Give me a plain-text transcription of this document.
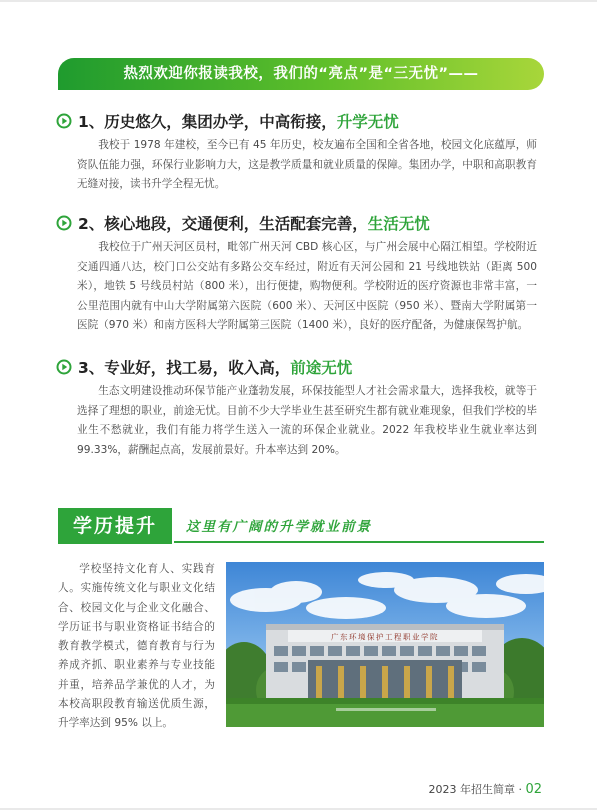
热烈欢迎你报读我校，我们的“亮点”是“三无忧”——
1、历史悠久，集团办学，中高衔接，升学无忧
我校于 1978 年建校，至今已有 45 年历史，校友遍布全国和全省各地，校园文化底蕴厚，师资队伍能力强，环保行业影响力大，这是教学质量和就业质量的保障。集团办学，中职和高职教育无缝对接，读书升学全程无忧。
2、核心地段，交通便利，生活配套完善，生活无忧
我校位于广州天河区员村，毗邻广州天河 CBD 核心区，与广州会展中心隔江相望。学校附近交通四通八达，校门口公交站有多路公交车经过，附近有天河公园和 21 号线地铁站（距离 500 米），地铁 5 号线员村站（800 米），出行便捷，购物便利。学校附近的医疗资源也非常丰富，一公里范围内就有中山大学附属第六医院（600 米）、天河区中医院（950 米）、暨南大学附属第一医院（970 米）和南方医科大学附属第三医院（1400 米），良好的医疗配备，为健康保驾护航。
3、专业好，找工易，收入高，前途无忧
生态文明建设推动环保节能产业蓬勃发展，环保技能型人才社会需求量大，选择我校，就等于选择了理想的职业，前途无忧。目前不少大学毕业生甚至研究生都有就业难现象，但我们学校的毕业生不愁就业，我们有能力将学生送入一流的环保企业就业。2022 年我校毕业生就业率达到 99.33%，薪酬起点高，发展前景好。升本率达到 20%。
学历提升	这里有广阔的升学就业前景
学校坚持文化育人、实践育人。实施传统文化与职业文化结合、校园文化与企业文化融合、学历证书与职业资格证书结合的教育教学模式，德育教育与行为养成齐抓、职业素养与专业技能并重，培养品学兼优的人才，为本校高职段教育输送优质生源，升学率达到 95% 以上。
广东环境保护工程职业学院
2023 年招生简章 · 02
